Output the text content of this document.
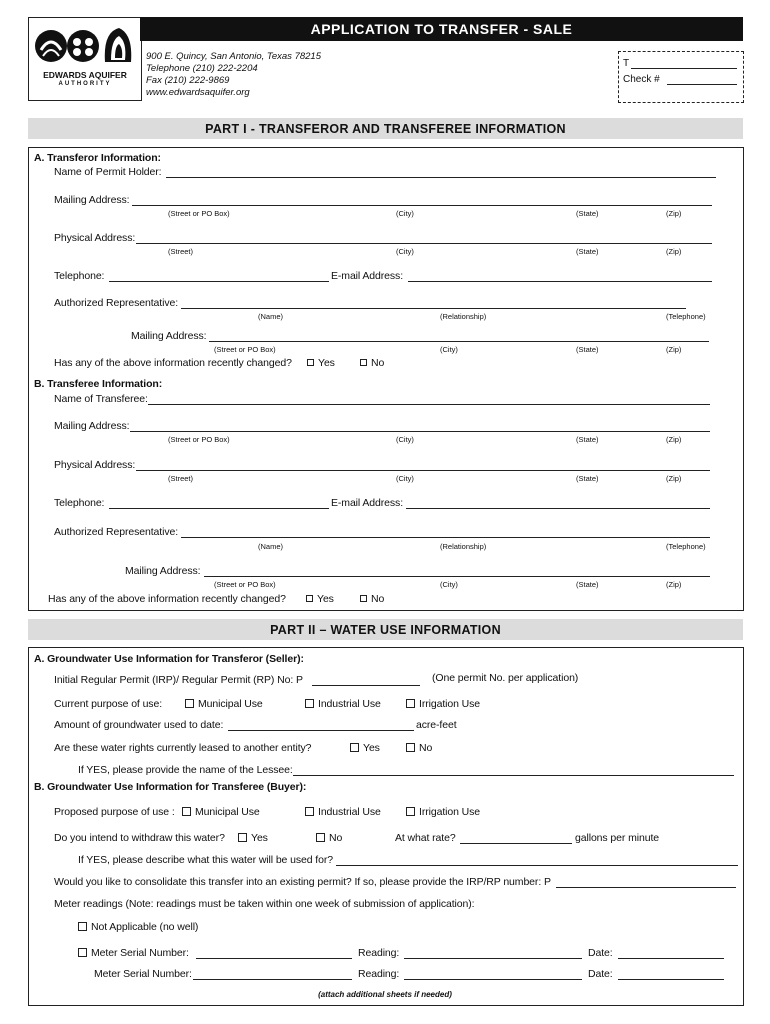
EDWARDS AQUIFER
AUTHORITY
APPLICATION TO TRANSFER - SALE
900 E. Quincy, San Antonio, Texas 78215
Telephone (210) 222-2204
Fax (210) 222-9869
www.edwardsaquifer.org
T
Check #
PART I - TRANSFEROR AND TRANSFEREE INFORMATION
A. Transferor Information:
Name of Permit Holder:
Mailing Address:
(Street or PO Box)	(City)	(State)	(Zip)
Physical Address:
(Street)	(City)	(State)	(Zip)
Telephone:	E-mail Address:
Authorized Representative:
(Name)	(Relationship)	(Telephone)
Mailing Address:
(Street or PO Box)	(City)	(State)	(Zip)
Has any of the above information recently changed?	Yes	No
B. Transferee Information:
Name of Transferee:
Mailing Address:
(Street or PO Box)	(City)	(State)	(Zip)
Physical Address:
(Street)	(City)	(State)	(Zip)
Telephone:	E-mail Address:
Authorized Representative:
(Name)	(Relationship)	(Telephone)
Mailing Address:
(Street or PO Box)	(City)	(State)	(Zip)
Has any of the above information recently changed?	Yes	No
PART II – WATER USE INFORMATION
A. Groundwater Use Information for Transferor (Seller):
Initial Regular Permit (IRP)/ Regular Permit (RP) No: P	(One permit No. per application)
Current purpose of use:	Municipal Use	Industrial Use	Irrigation Use
Amount of groundwater used to date:	acre-feet
Are these water rights currently leased to another entity?	Yes	No
If YES, please provide the name of the Lessee:
B. Groundwater Use Information for Transferee (Buyer):
Proposed purpose of use :	Municipal Use	Industrial Use	Irrigation Use
Do you intend to withdraw this water?	Yes	No	At what rate?	gallons per minute
If YES, please describe what this water will be used for?
Would you like to consolidate this transfer into an existing permit? If so, please provide the IRP/RP number: P
Meter readings (Note: readings must be taken within one week of submission of application):
Not Applicable (no well)
Meter Serial Number:	Reading:	Date:
Meter Serial Number:	Reading:	Date:
(attach additional sheets if needed)
